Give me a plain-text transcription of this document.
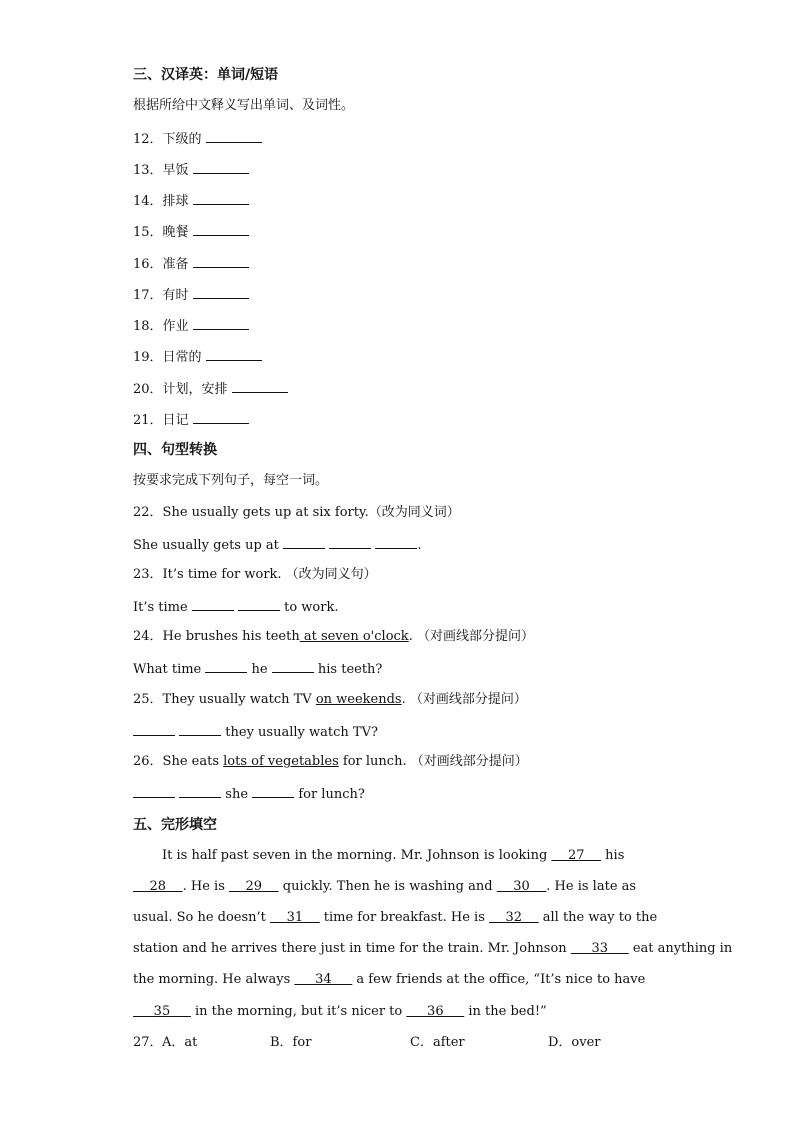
三、汉译英：单词/短语
根据所给中文释义写出单词、及词性。
12．下级的
13．早饭
14．排球
15．晚餐
16．准备
17．有时
18．作业
19．日常的
20．计划，安排
21．日记
四、句型转换
按要求完成下列句子，每空一词。
22．She usually gets up at six forty.（改为同义词）
She usually gets up at	.
23．It’s time for work. （改为同义句）
It’s time	to work.
24．He brushes his teeth at seven o'clock. （对画线部分提问）
What time	he	his teeth?
25．They usually watch TV on weekends. （对画线部分提问）
they usually watch TV?
26．She eats lots of vegetables for lunch. （对画线部分提问）
she	for lunch?
五、完形填空
It is half past seven in the morning. Mr. Johnson is looking     27     his
28 . He is     29     quickly. Then he is washing and     30 . He is late as
usual. So he doesn’t     31     time for breakfast. He is     32     all the way to the
station and he arrives there just in time for the train. Mr. Johnson      33      eat anything in
the morning. He always      34      a few friends at the office, “It’s nice to have
35      in the morning, but it’s nicer to      36      in the bed!”
27． A．at	B．for	C．after	D．over
